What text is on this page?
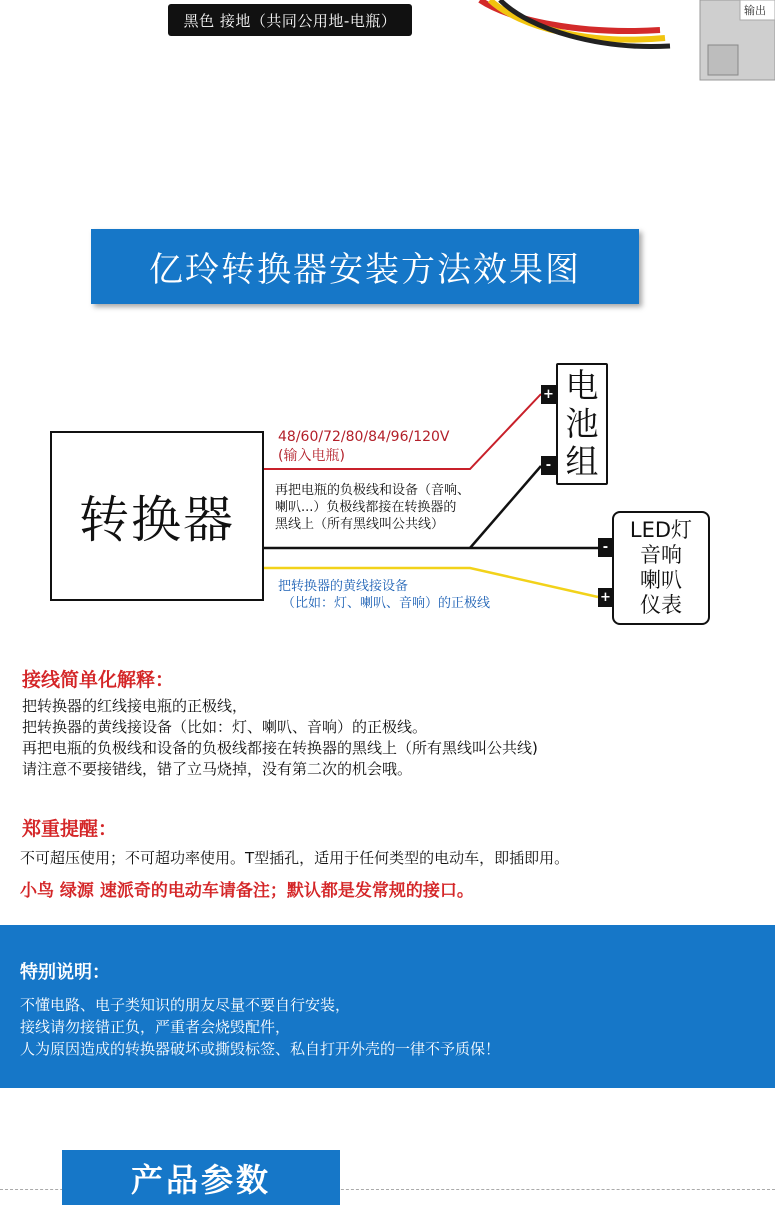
黑色 接地（共同公用地-电瓶）
输出
亿玲转换器安装方法效果图
转换器
电
池
组
+
-
LED灯
音响
喇叭
仪表
-
+
48/60/72/80/84/96/120V
(输入电瓶)
再把电瓶的负极线和设备（音响、
喇叭...）负极线都接在转换器的
黑线上（所有黑线叫公共线）
把转换器的黄线接设备
（比如：灯、喇叭、音响）的正极线
接线简单化解释：
把转换器的红线接电瓶的正极线，
把转换器的黄线接设备（比如：灯、喇叭、音响）的正极线。
再把电瓶的负极线和设备的负极线都接在转换器的黑线上（所有黑线叫公共线)
请注意不要接错线，错了立马烧掉，没有第二次的机会哦。
郑重提醒：
不可超压使用；不可超功率使用。T型插孔，适用于任何类型的电动车，即插即用。
小鸟 绿源 速派奇的电动车请备注；默认都是发常规的接口。
特别说明：
不懂电路、电子类知识的朋友尽量不要自行安装，
接线请勿接错正负，严重者会烧毁配件，
人为原因造成的转换器破坏或撕毁标签、私自打开外壳的一律不予质保！
产品参数
